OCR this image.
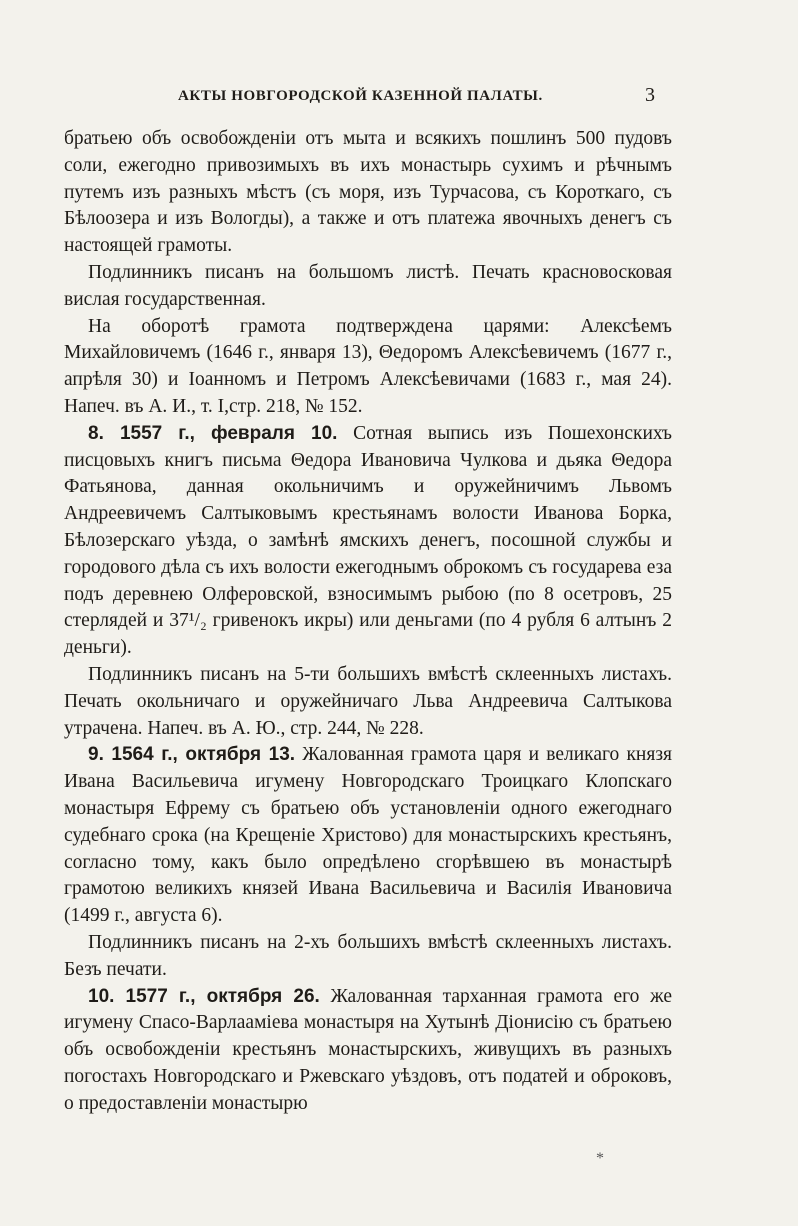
АКТЫ НОВГОРОДСКОЙ КАЗЕННОЙ ПАЛАТЫ.	3

братьею объ освобожденіи отъ мыта и всякихъ пошлинъ 500 пудовъ соли, ежегодно привозимыхъ въ ихъ монастырь сухимъ и рѣчнымъ путемъ изъ разныхъ мѣстъ (съ моря, изъ Турчасова, съ Короткаго, съ Бѣлоозера и изъ Вологды), а также и отъ платежа явочныхъ денегъ съ настоящей грамоты.

Подлинникъ писанъ на большомъ листѣ. Печать красновосковая вислая государственная.

На оборотѣ грамота подтверждена царями: Алексѣемъ Михайловичемъ (1646 г., января 13), Θедоромъ Алексѣевичемъ (1677 г., апрѣля 30) и Іоанномъ и Петромъ Алексѣевичами (1683 г., мая 24). Напеч. въ А. И., т. І,стр. 218, № 152.

8. 1557 г., февраля 10. Сотная выпись изъ Пошехонскихъ писцовыхъ книгъ письма Θедора Ивановича Чулкова и дьяка Θедора Фатьянова, данная окольничимъ и оружейничимъ Львомъ Андреевичемъ Салтыковымъ крестьянамъ волости Иванова Борка, Бѣлозерскаго уѣзда, о замѣнѣ ямскихъ денегъ, посошной службы и городового дѣла съ ихъ волости ежегоднымъ оброкомъ съ государева еза подъ деревнею Олферовской, взносимымъ рыбою (по 8 осетровъ, 25 стерлядей и 37¹/₂ гривенокъ икры) или деньгами (по 4 рубля 6 алтынъ 2 деньги).

Подлинникъ писанъ на 5-ти большихъ вмѣстѣ склеенныхъ листахъ. Печать окольничаго и оружейничаго Льва Андреевича Салтыкова утрачена. Напеч. въ А. Ю., стр. 244, № 228.

9. 1564 г., октября 13. Жалованная грамота царя и великаго князя Ивана Васильевича игумену Новгородскаго Троицкаго Клопскаго монастыря Ефрему съ братьею объ установленіи одного ежегоднаго судебнаго срока (на Крещеніе Христово) для монастырскихъ крестьянъ, согласно тому, какъ было опредѣлено сгорѣвшею въ монастырѣ грамотою великихъ князей Ивана Васильевича и Василія Ивановича (1499 г., августа 6).

Подлинникъ писанъ на 2-хъ большихъ вмѣстѣ склеенныхъ листахъ. Безъ печати.

10. 1577 г., октября 26. Жалованная тарханная грамота его же игумену Спасо-Варлааміева монастыря на Хутынѣ Діонисію съ братьею объ освобожденіи крестьянъ монастырскихъ, живущихъ въ разныхъ погостахъ Новгородскаго и Ржевскаго уѣздовъ, отъ податей и оброковъ, о предоставленіи монастырю

*
